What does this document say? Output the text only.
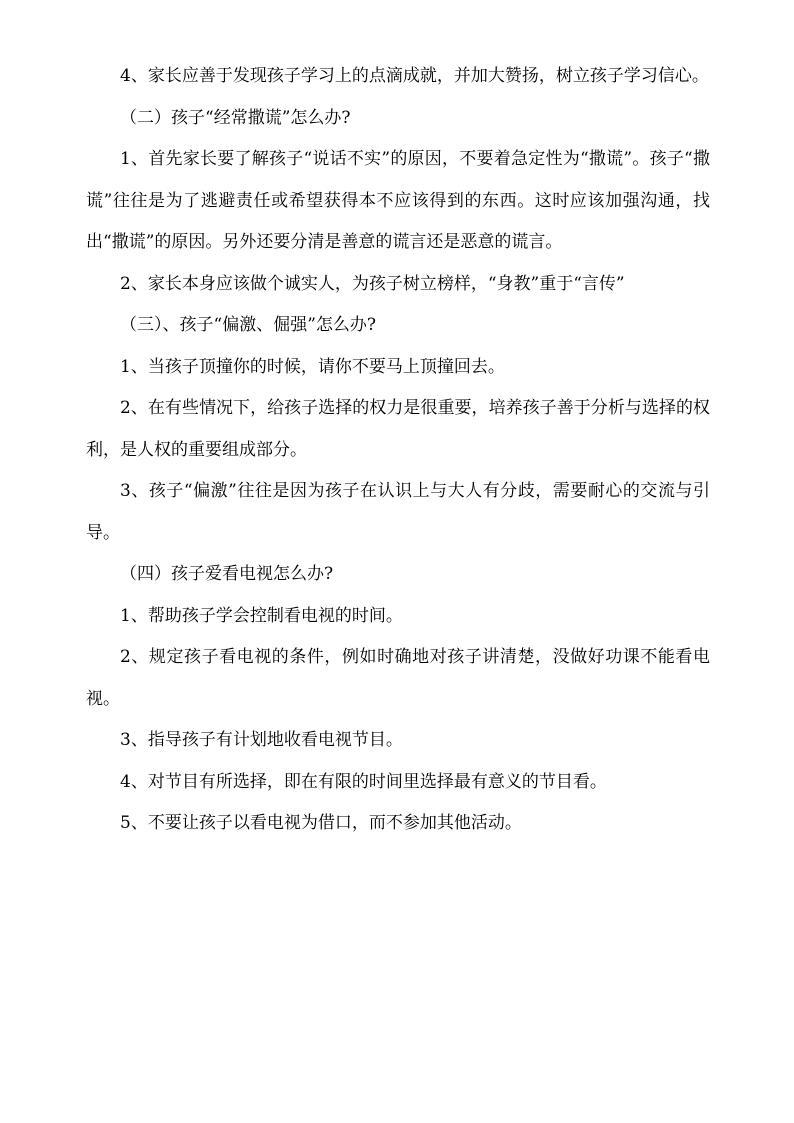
4、家长应善于发现孩子学习上的点滴成就，并加大赞扬，树立孩子学习信心。

（二）孩子“经常撒谎”怎么办?

1、首先家长要了解孩子“说话不实”的原因，不要着急定性为“撒谎”。孩子“撒谎”往往是为了逃避责任或希望获得本不应该得到的东西。这时应该加强沟通，找出“撒谎”的原因。另外还要分清是善意的谎言还是恶意的谎言。

2、家长本身应该做个诚实人，为孩子树立榜样，“身教”重于“言传”

（三）、孩子“偏激、倔强”怎么办?

1、当孩子顶撞你的时候，请你不要马上顶撞回去。

2、在有些情况下，给孩子选择的权力是很重要，培养孩子善于分析与选择的权利，是人权的重要组成部分。

3、孩子“偏激”往往是因为孩子在认识上与大人有分歧，需要耐心的交流与引导。

（四）孩子爱看电视怎么办?

1、帮助孩子学会控制看电视的时间。

2、规定孩子看电视的条件，例如时确地对孩子讲清楚，没做好功课不能看电视。

3、指导孩子有计划地收看电视节目。

4、对节目有所选择，即在有限的时间里选择最有意义的节目看。

5、不要让孩子以看电视为借口，而不参加其他活动。
